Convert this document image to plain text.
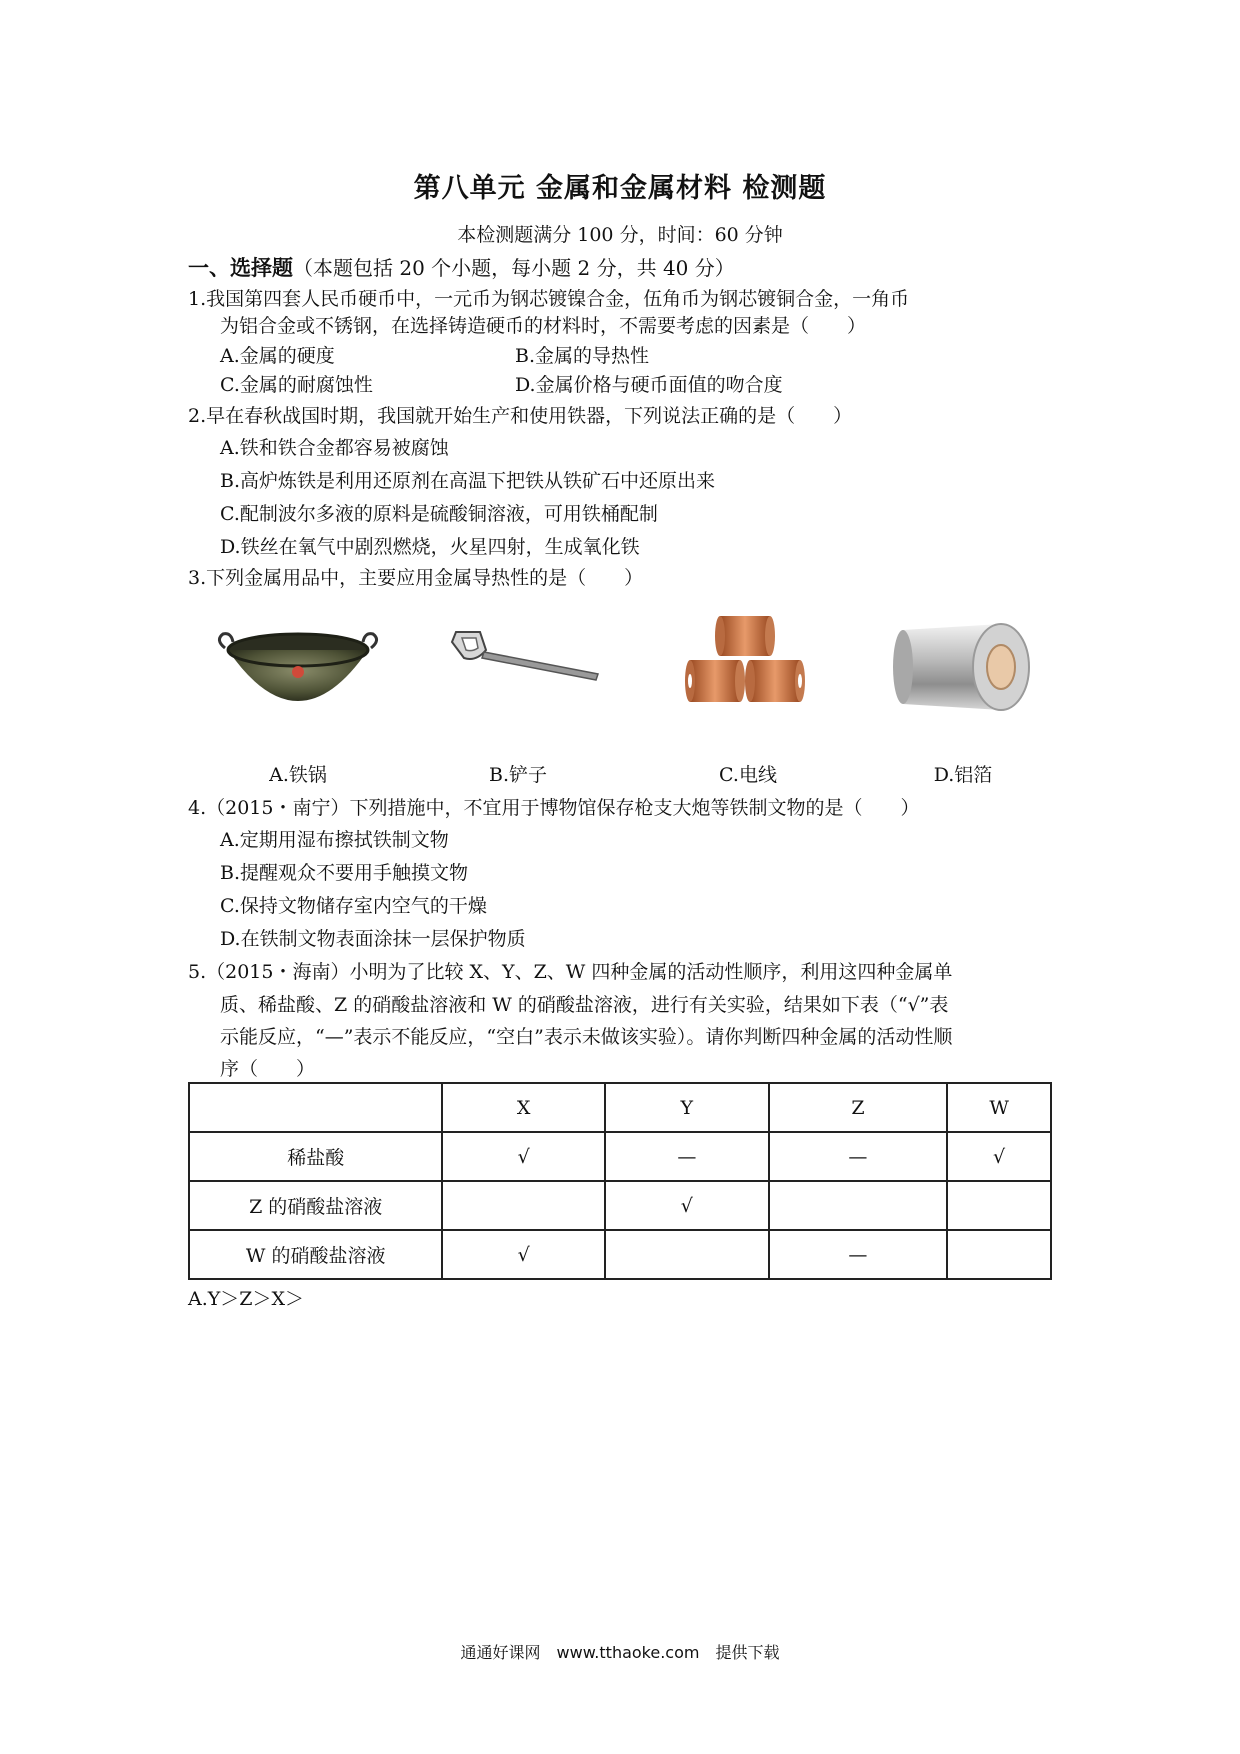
第八单元 金属和金属材料 检测题
本检测题满分 100 分，时间：60 分钟
一、选择题（本题包括 20 个小题，每小题 2 分，共 40 分）
1.我国第四套人民币硬币中，一元币为钢芯镀镍合金，伍角币为钢芯镀铜合金，一角币
为铝合金或不锈钢，在选择铸造硬币的材料时，不需要考虑的因素是（　　）
A.金属的硬度	B.金属的导热性
C.金属的耐腐蚀性	D.金属价格与硬币面值的吻合度
2.早在春秋战国时期，我国就开始生产和使用铁器，下列说法正确的是（　　）
A.铁和铁合金都容易被腐蚀
B.高炉炼铁是利用还原剂在高温下把铁从铁矿石中还原出来
C.配制波尔多液的原料是硫酸铜溶液，可用铁桶配制
D.铁丝在氧气中剧烈燃烧，火星四射，生成氧化铁
3.下列金属用品中，主要应用金属导热性的是（　　）
A.铁锅	B.铲子	C.电线	D.铝箔
4.（2015・南宁）下列措施中，不宜用于博物馆保存枪支大炮等铁制文物的是（　　）
A.定期用湿布擦拭铁制文物
B.提醒观众不要用手触摸文物
C.保持文物储存室内空气的干燥
D.在铁制文物表面涂抹一层保护物质
5.（2015・海南）小明为了比较 X、Y、Z、W 四种金属的活动性顺序，利用这四种金属单
质、稀盐酸、Z 的硝酸盐溶液和 W 的硝酸盐溶液，进行有关实验，结果如下表（“√”表
示能反应，“—”表示不能反应，“空白”表示未做该实验）。请你判断四种金属的活动性顺
序（　　）
	X	Y	Z	W
稀盐酸	√	—	—	√
Z 的硝酸盐溶液		√		
W 的硝酸盐溶液	√		—	
A.Y＞Z＞X＞
通通好课网　www.tthaoke.com　提供下载
